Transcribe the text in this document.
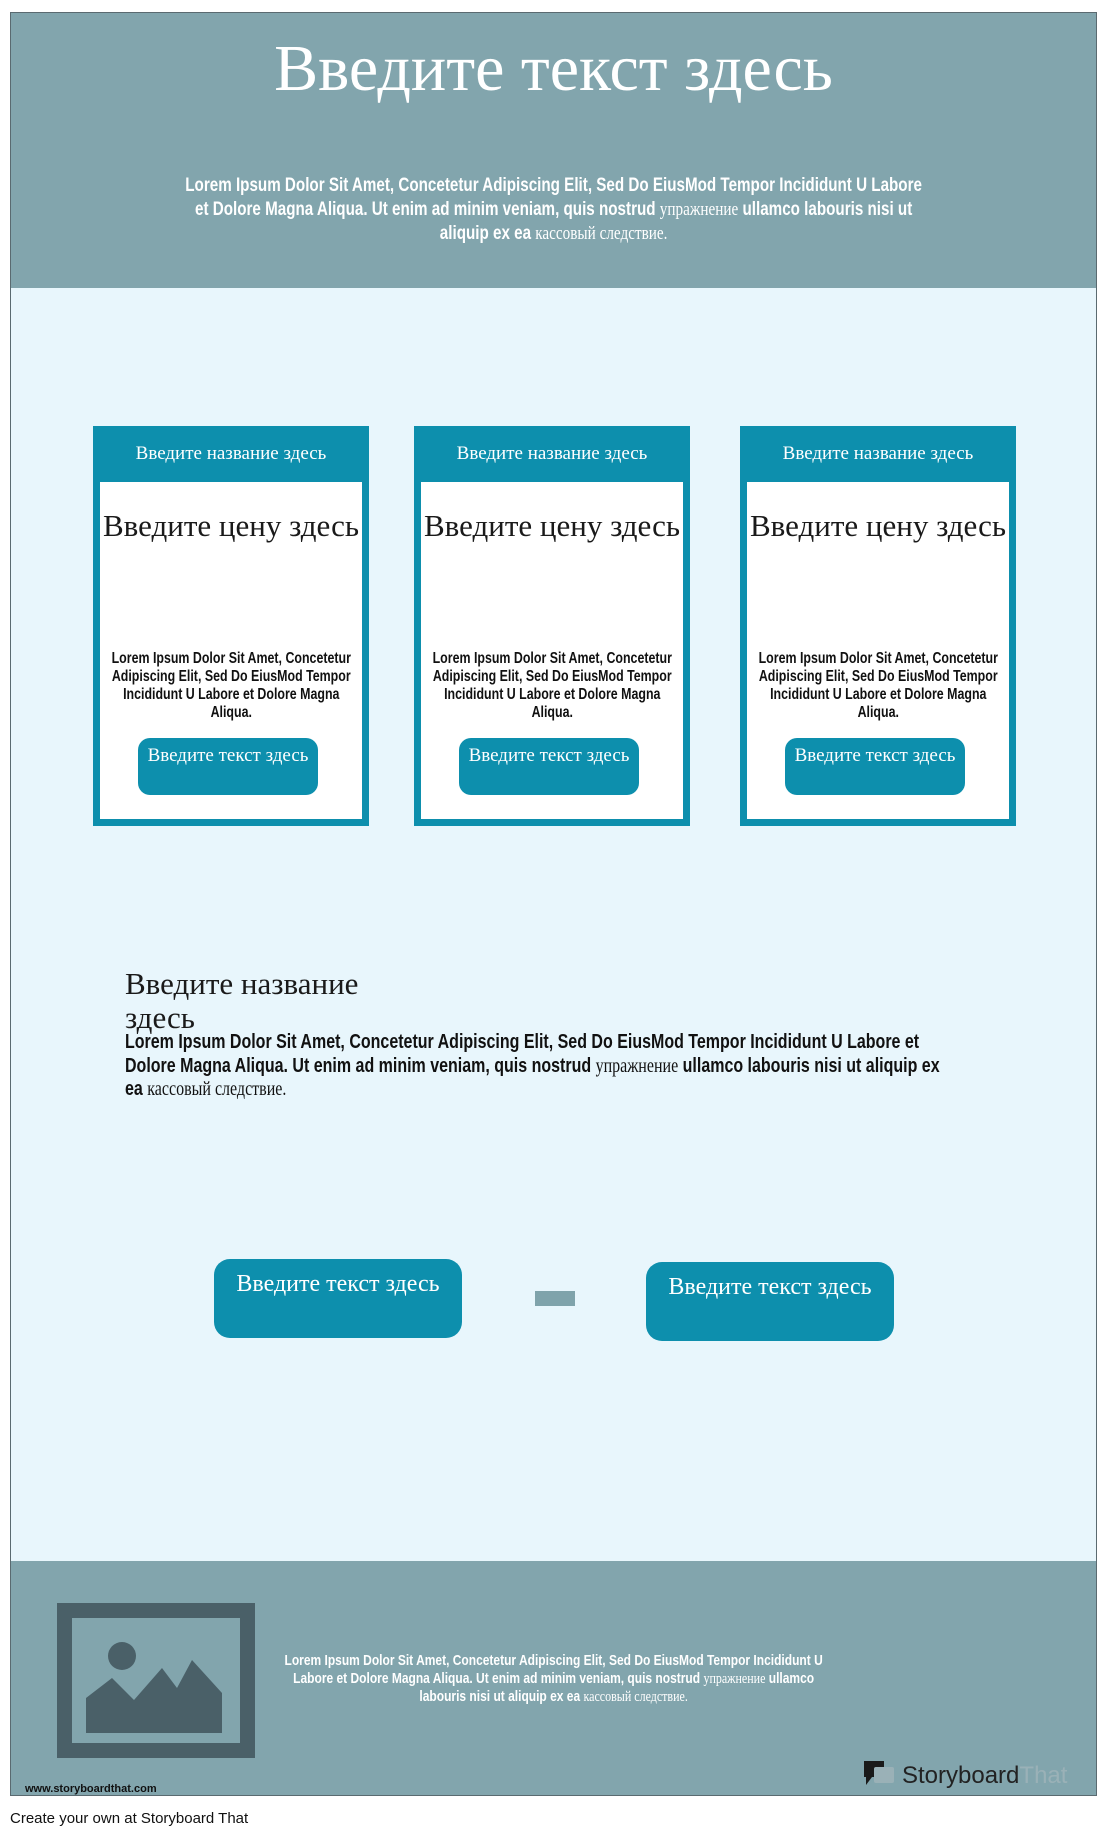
Введите текст здесь
Lorem Ipsum Dolor Sit Amet, Concetetur Adipiscing Elit, Sed Do EiusMod Tempor Incididunt U Labore et Dolore Magna Aliqua. Ut enim ad minim veniam, quis nostrud упражнение ullamco labouris nisi ut aliquip ex ea кассовый следствие.
Введите название здесь
Введите цену здесь
Lorem Ipsum Dolor Sit Amet, Concetetur Adipiscing Elit, Sed Do EiusMod Tempor Incididunt U Labore et Dolore Magna Aliqua.
Введите текст здесь
Введите название здесь
Введите цену здесь
Lorem Ipsum Dolor Sit Amet, Concetetur Adipiscing Elit, Sed Do EiusMod Tempor Incididunt U Labore et Dolore Magna Aliqua.
Введите текст здесь
Введите название здесь
Введите цену здесь
Lorem Ipsum Dolor Sit Amet, Concetetur Adipiscing Elit, Sed Do EiusMod Tempor Incididunt U Labore et Dolore Magna Aliqua.
Введите текст здесь
Введите название здесь
Lorem Ipsum Dolor Sit Amet, Concetetur Adipiscing Elit, Sed Do EiusMod Tempor Incididunt U Labore et Dolore Magna Aliqua. Ut enim ad minim veniam, quis nostrud упражнение ullamco labouris nisi ut aliquip ex ea кассовый следствие.
Введите текст здесь	Введите текст здесь
Lorem Ipsum Dolor Sit Amet, Concetetur Adipiscing Elit, Sed Do EiusMod Tempor Incididunt U Labore et Dolore Magna Aliqua. Ut enim ad minim veniam, quis nostrud упражнение ullamco labouris nisi ut aliquip ex ea кассовый следствие.
www.storyboardthat.com	StoryboardThat
Create your own at Storyboard That
